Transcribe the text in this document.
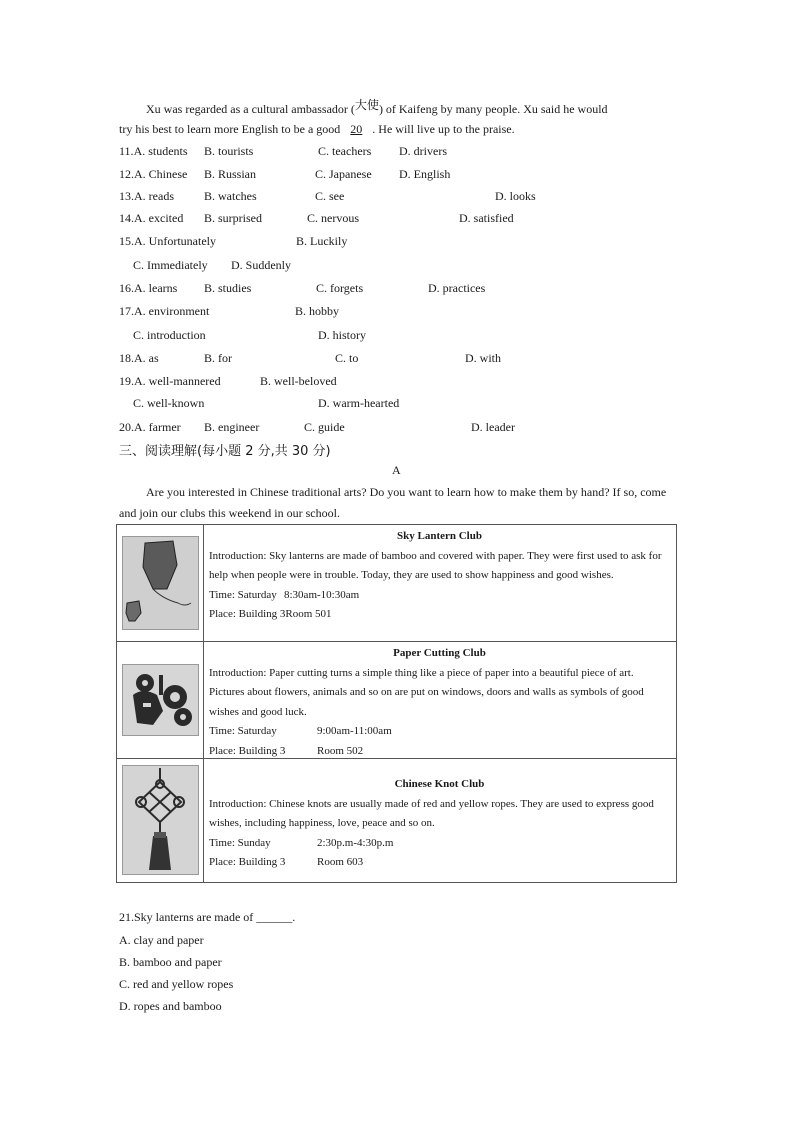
Xu was regarded as a cultural ambassador (大使) of Kaifeng by many people. Xu said he would
try his best to learn more English to be a good 20 . He will live up to the praise.
11.A. students B. tourists	C. teachers D. drivers
12.A. Chinese B. Russian	C. Japanese D. English
13.A. reads	B. watches	C. see	D. looks
14.A. excited B. surprised	C. nervous	D. satisfied
15.A. Unfortunately	B. Luckily
C. Immediately D. Suddenly
16.A. learns B. studies	C. forgets	D. practices
17.A. environment	B. hobby
C. introduction	D. history
18.A. as	B. for	C. to	D. with
19.A. well-mannered	B. well-beloved
C. well-known	D. warm-hearted
20.A. farmer B. engineer	C. guide	D. leader
三、阅读理解(每小题 2 分,共 30 分)
A
Are you interested in Chinese traditional arts? Do you want to learn how to make them by hand? If so, come and join our clubs this weekend in our school.
Sky Lantern Club
Introduction: Sky lanterns are made of bamboo and covered with paper. They were first used to ask for help when people were in trouble. Today, they are used to show happiness and good wishes.
Time: Saturday 8:30am-10:30am
Place: Building 3Room 501
Paper Cutting Club
Introduction: Paper cutting turns a simple thing like a piece of paper into a beautiful piece of art. Pictures about flowers, animals and so on are put on windows, doors and walls as symbols of good wishes and good luck.
Time: Saturday	9:00am-11:00am
Place: Building 3	Room 502
Chinese Knot Club
Introduction: Chinese knots are usually made of red and yellow ropes. They are used to express good wishes, including happiness, love, peace and so on.
Time: Sunday	2:30p.m-4:30p.m
Place: Building 3	Room 603
21.Sky lanterns are made of ______.
A. clay and paper
B. bamboo and paper
C. red and yellow ropes
D. ropes and bamboo
